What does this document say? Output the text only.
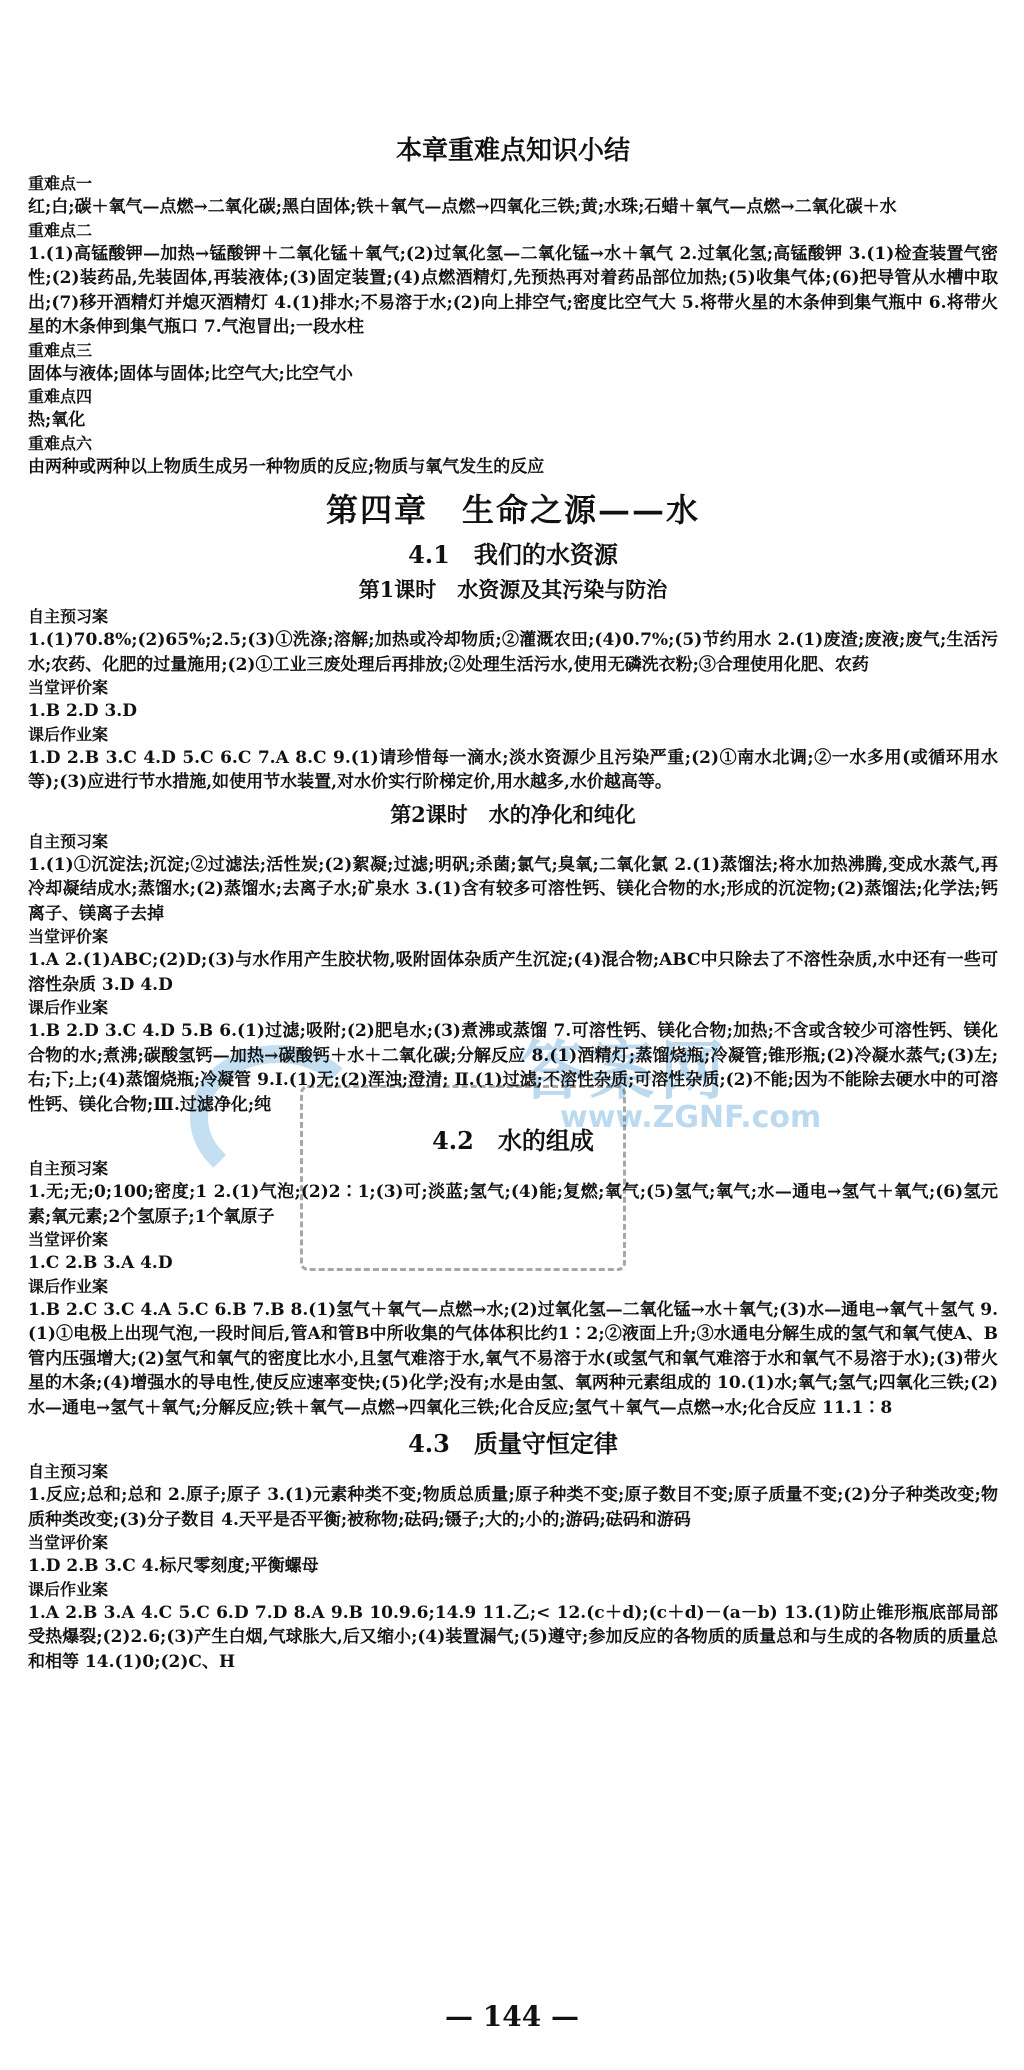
答案网
www.ZGNF.com
本章重难点知识小结
重难点一
红;白;碳＋氧气—点燃→二氧化碳;黑白固体;铁＋氧气—点燃→四氧化三铁;黄;水珠;石蜡＋氧气—点燃→二氧化碳＋水
重难点二
1.(1)高锰酸钾—加热→锰酸钾＋二氧化锰＋氧气;(2)过氧化氢—二氧化锰→水＋氧气 2.过氧化氢;高锰酸钾 3.(1)检查装置气密性;(2)装药品,先装固体,再装液体;(3)固定装置;(4)点燃酒精灯,先预热再对着药品部位加热;(5)收集气体;(6)把导管从水槽中取出;(7)移开酒精灯并熄灭酒精灯 4.(1)排水;不易溶于水;(2)向上排空气;密度比空气大 5.将带火星的木条伸到集气瓶中 6.将带火星的木条伸到集气瓶口 7.气泡冒出;一段水柱
重难点三
固体与液体;固体与固体;比空气大;比空气小
重难点四
热;氧化
重难点六
由两种或两种以上物质生成另一种物质的反应;物质与氧气发生的反应
第四章　生命之源——水
4.1　我们的水资源
第1课时　水资源及其污染与防治
自主预习案
1.(1)70.8%;(2)65%;2.5;(3)①洗涤;溶解;加热或冷却物质;②灌溉农田;(4)0.7%;(5)节约用水 2.(1)废渣;废液;废气;生活污水;农药、化肥的过量施用;(2)①工业三废处理后再排放;②处理生活污水,使用无磷洗衣粉;③合理使用化肥、农药
当堂评价案
1.B 2.D 3.D
课后作业案
1.D 2.B 3.C 4.D 5.C 6.C 7.A 8.C 9.(1)请珍惜每一滴水;淡水资源少且污染严重;(2)①南水北调;②一水多用(或循环用水等);(3)应进行节水措施,如使用节水装置,对水价实行阶梯定价,用水越多,水价越高等。
第2课时　水的净化和纯化
自主预习案
1.(1)①沉淀法;沉淀;②过滤法;活性炭;(2)絮凝;过滤;明矾;杀菌;氯气;臭氧;二氧化氯 2.(1)蒸馏法;将水加热沸腾,变成水蒸气,再冷却凝结成水;蒸馏水;(2)蒸馏水;去离子水;矿泉水 3.(1)含有较多可溶性钙、镁化合物的水;形成的沉淀物;(2)蒸馏法;化学法;钙离子、镁离子去掉
当堂评价案
1.A 2.(1)ABC;(2)D;(3)与水作用产生胶状物,吸附固体杂质产生沉淀;(4)混合物;ABC中只除去了不溶性杂质,水中还有一些可溶性杂质 3.D 4.D
课后作业案
1.B 2.D 3.C 4.D 5.B 6.(1)过滤;吸附;(2)肥皂水;(3)煮沸或蒸馏 7.可溶性钙、镁化合物;加热;不含或含较少可溶性钙、镁化合物的水;煮沸;碳酸氢钙—加热→碳酸钙＋水＋二氧化碳;分解反应 8.(1)酒精灯;蒸馏烧瓶;冷凝管;锥形瓶;(2)冷凝水蒸气;(3)左;右;下;上;(4)蒸馏烧瓶;冷凝管 9.Ⅰ.(1)无;(2)浑浊;澄清; Ⅱ.(1)过滤;不溶性杂质;可溶性杂质;(2)不能;因为不能除去硬水中的可溶性钙、镁化合物;Ⅲ.过滤净化;纯
4.2　水的组成
自主预习案
1.无;无;0;100;密度;1 2.(1)气泡;(2)2∶1;(3)可;淡蓝;氢气;(4)能;复燃;氧气;(5)氢气;氧气;水—通电→氢气＋氧气;(6)氢元素;氧元素;2个氢原子;1个氧原子
当堂评价案
1.C 2.B 3.A 4.D
课后作业案
1.B 2.C 3.C 4.A 5.C 6.B 7.B 8.(1)氢气＋氧气—点燃→水;(2)过氧化氢—二氧化锰→水＋氧气;(3)水—通电→氧气＋氢气 9.(1)①电极上出现气泡,一段时间后,管A和管B中所收集的气体体积比约1∶2;②液面上升;③水通电分解生成的氢气和氧气使A、B管内压强增大;(2)氢气和氧气的密度比水小,且氢气难溶于水,氧气不易溶于水(或氢气和氧气难溶于水和氧气不易溶于水);(3)带火星的木条;(4)增强水的导电性,使反应速率变快;(5)化学;没有;水是由氢、氧两种元素组成的 10.(1)水;氧气;氢气;四氧化三铁;(2)水—通电→氢气＋氧气;分解反应;铁＋氧气—点燃→四氧化三铁;化合反应;氢气＋氧气—点燃→水;化合反应 11.1∶8
4.3　质量守恒定律
自主预习案
1.反应;总和;总和 2.原子;原子 3.(1)元素种类不变;物质总质量;原子种类不变;原子数目不变;原子质量不变;(2)分子种类改变;物质种类改变;(3)分子数目 4.天平是否平衡;被称物;砝码;镊子;大的;小的;游码;砝码和游码
当堂评价案
1.D 2.B 3.C 4.标尺零刻度;平衡螺母
课后作业案
1.A 2.B 3.A 4.C 5.C 6.D 7.D 8.A 9.B 10.9.6;14.9 11.乙;< 12.(c＋d);(c＋d)－(a－b) 13.(1)防止锥形瓶底部局部受热爆裂;(2)2.6;(3)产生白烟,气球胀大,后又缩小;(4)装置漏气;(5)遵守;参加反应的各物质的质量总和与生成的各物质的质量总和相等 14.(1)0;(2)C、H
— 144 —
